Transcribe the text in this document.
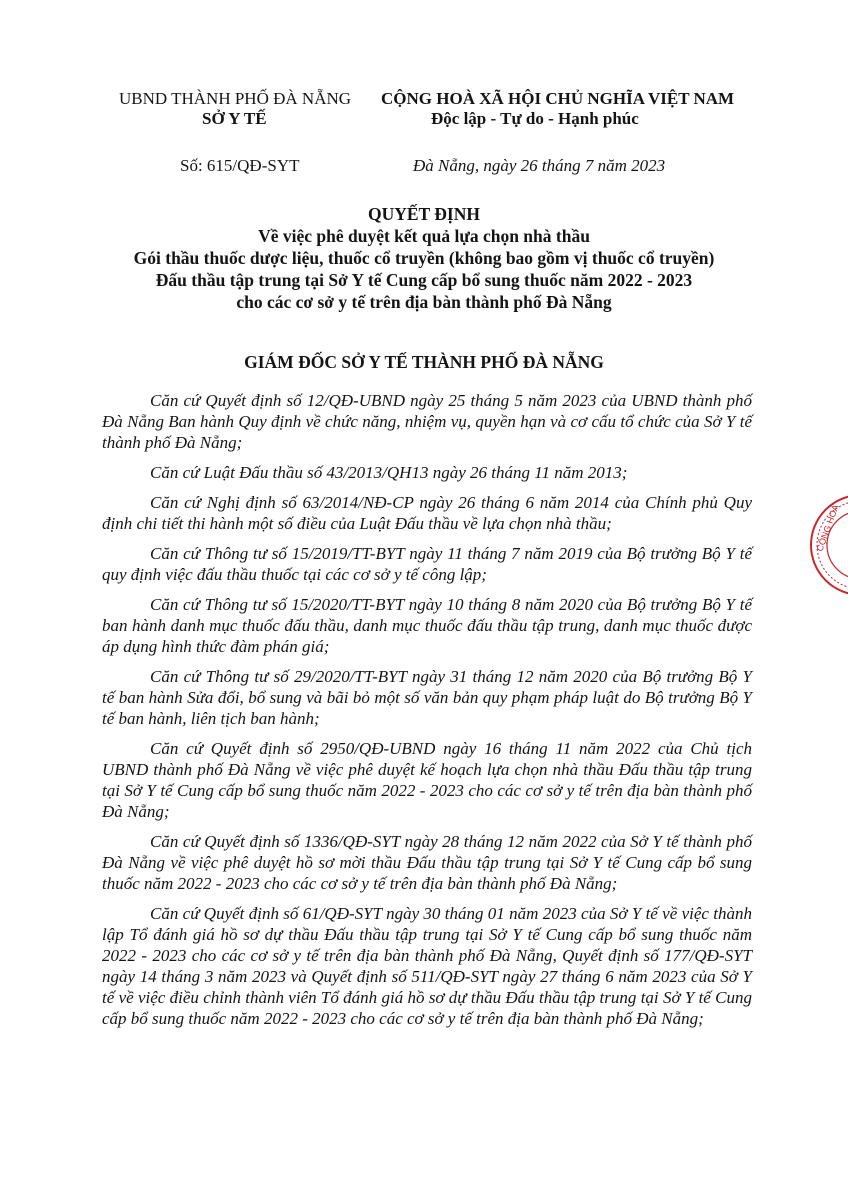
UBND THÀNH PHỐ ĐÀ NẴNG
SỞ Y TẾ
CỘNG HOÀ XÃ HỘI CHỦ NGHĨA VIỆT NAM
Độc lập - Tự do - Hạnh phúc
Số: 615/QĐ-SYT	Đà Nẵng, ngày 26 tháng 7 năm 2023
QUYẾT ĐỊNH
Về việc phê duyệt kết quả lựa chọn nhà thầu
Gói thầu thuốc dược liệu, thuốc cổ truyền (không bao gồm vị thuốc cổ truyền)
Đấu thầu tập trung tại Sở Y tế Cung cấp bổ sung thuốc năm 2022 - 2023
cho các cơ sở y tế trên địa bàn thành phố Đà Nẵng
GIÁM ĐỐC SỞ Y TẾ THÀNH PHỐ ĐÀ NẴNG

Căn cứ Quyết định số 12/QĐ-UBND ngày 25 tháng 5 năm 2023 của UBND thành phố Đà Nẵng Ban hành Quy định về chức năng, nhiệm vụ, quyền hạn và cơ cấu tổ chức của Sở Y tế thành phố Đà Nẵng;

Căn cứ Luật Đấu thầu số 43/2013/QH13 ngày 26 tháng 11 năm 2013;

Căn cứ Nghị định số 63/2014/NĐ-CP ngày 26 tháng 6 năm 2014 của Chính phủ Quy định chi tiết thi hành một số điều của Luật Đấu thầu về lựa chọn nhà thầu;

Căn cứ Thông tư số 15/2019/TT-BYT ngày 11 tháng 7 năm 2019 của Bộ trưởng Bộ Y tế quy định việc đấu thầu thuốc tại các cơ sở y tế công lập;

Căn cứ Thông tư số 15/2020/TT-BYT ngày 10 tháng 8 năm 2020 của Bộ trưởng Bộ Y tế ban hành danh mục thuốc đấu thầu, danh mục thuốc đấu thầu tập trung, danh mục thuốc được áp dụng hình thức đàm phán giá;

Căn cứ Thông tư số 29/2020/TT-BYT ngày 31 tháng 12 năm 2020 của Bộ trưởng Bộ Y tế ban hành Sửa đổi, bổ sung và bãi bỏ một số văn bản quy phạm pháp luật do Bộ trưởng Bộ Y tế ban hành, liên tịch ban hành;

Căn cứ Quyết định số 2950/QĐ-UBND ngày 16 tháng 11 năm 2022 của Chủ tịch UBND thành phố Đà Nẵng về việc phê duyệt kế hoạch lựa chọn nhà thầu Đấu thầu tập trung tại Sở Y tế Cung cấp bổ sung thuốc năm 2022 - 2023 cho các cơ sở y tế trên địa bàn thành phố Đà Nẵng;

Căn cứ Quyết định số 1336/QĐ-SYT ngày 28 tháng 12 năm 2022 của Sở Y tế thành phố Đà Nẵng về việc phê duyệt hồ sơ mời thầu Đấu thầu tập trung tại Sở Y tế Cung cấp bổ sung thuốc năm 2022 - 2023 cho các cơ sở y tế trên địa bàn thành phố Đà Nẵng;

Căn cứ Quyết định số 61/QĐ-SYT ngày 30 tháng 01 năm 2023 của Sở Y tế về việc thành lập Tổ đánh giá hồ sơ dự thầu Đấu thầu tập trung tại Sở Y tế Cung cấp bổ sung thuốc năm 2022 - 2023 cho các cơ sở y tế trên địa bàn thành phố Đà Nẵng, Quyết định số 177/QĐ-SYT ngày 14 tháng 3 năm 2023 và Quyết định số 511/QĐ-SYT ngày 27 tháng 6 năm 2023 của Sở Y tế về việc điều chỉnh thành viên Tổ đánh giá hồ sơ dự thầu Đấu thầu tập trung tại Sở Y tế Cung cấp bổ sung thuốc năm 2022 - 2023 cho các cơ sở y tế trên địa bàn thành phố Đà Nẵng;

CỘNG HOÀ
